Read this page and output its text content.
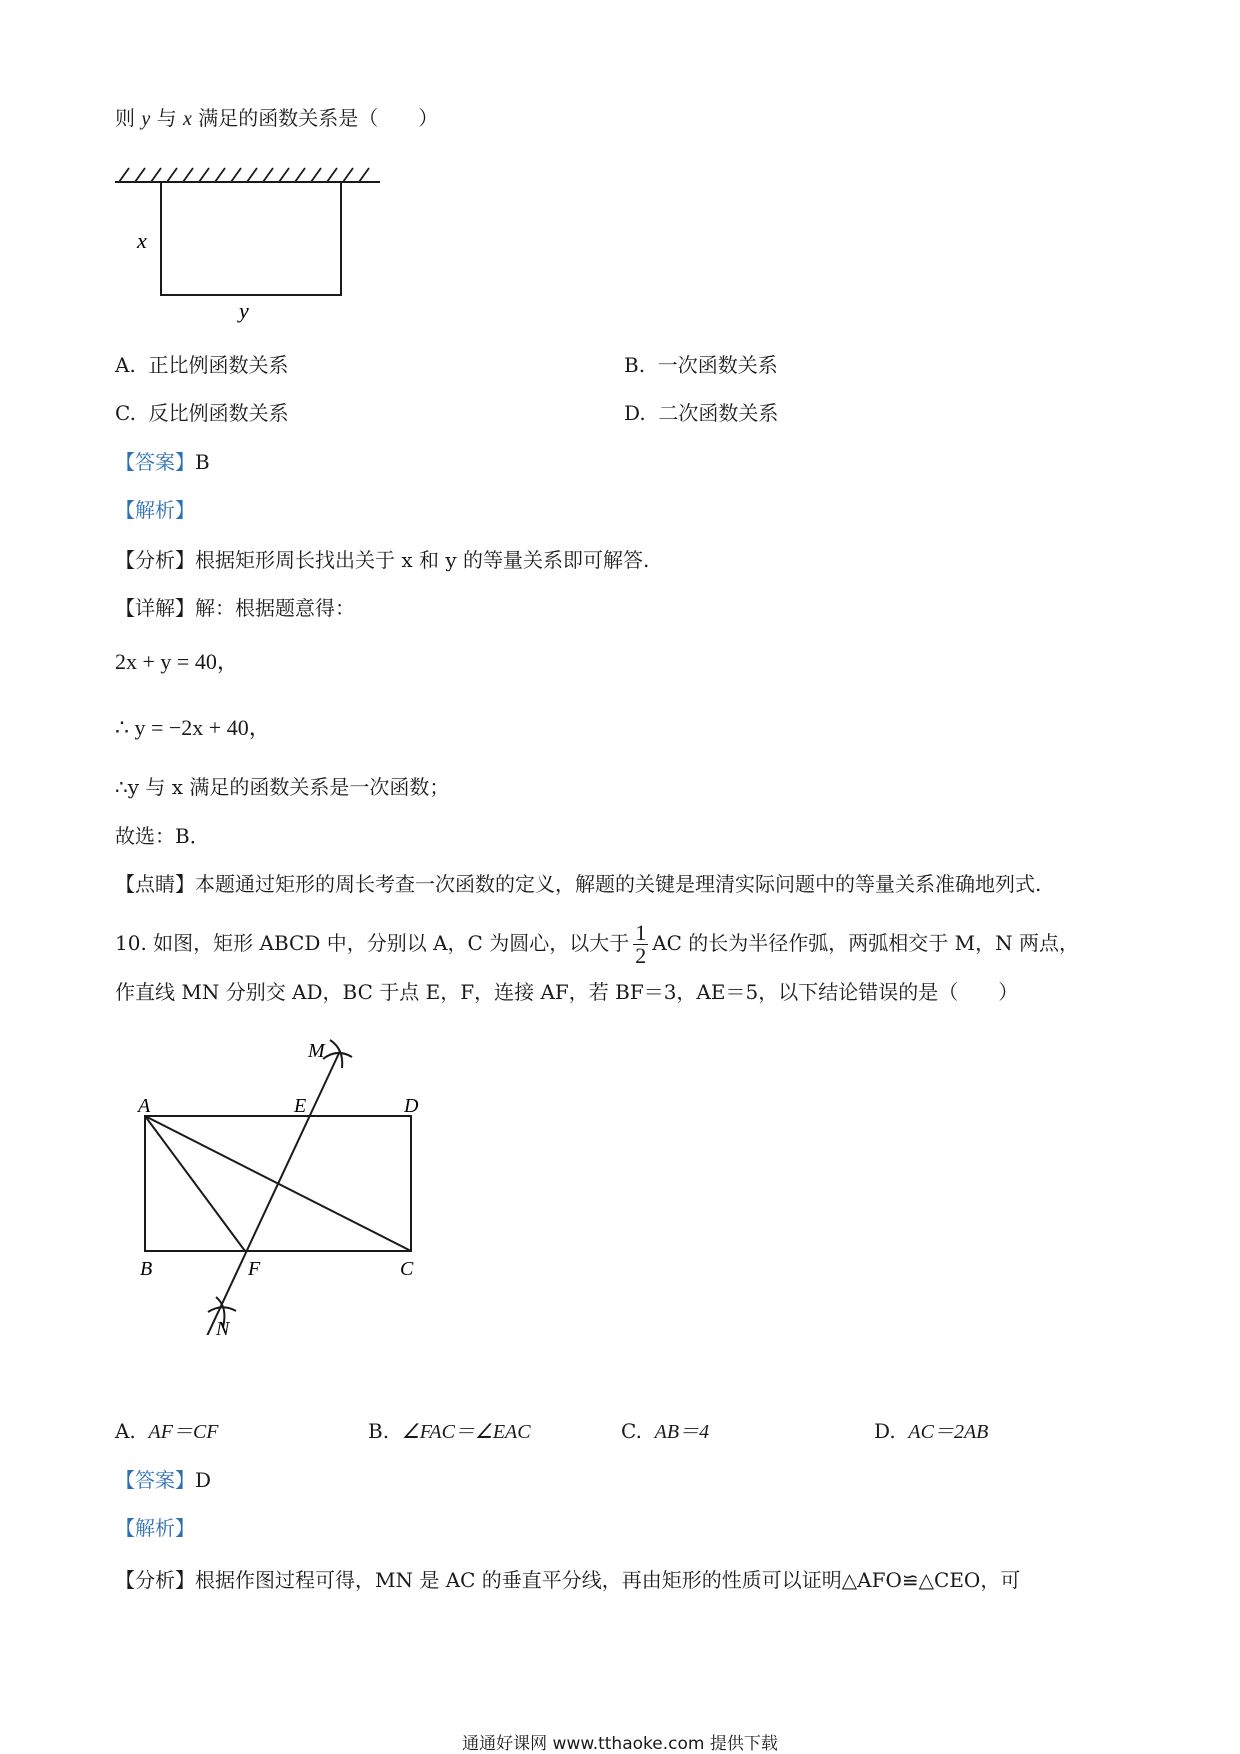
则 y 与 x 满足的函数关系是（　　）
x
y
A. 正比例函数关系	B. 一次函数关系
C. 反比例函数关系	D. 二次函数关系
【答案】B
【解析】
【分析】根据矩形周长找出关于 x 和 y 的等量关系即可解答.
【详解】解：根据题意得：
2x + y = 40，
∴ y = −2x + 40，
∴y 与 x 满足的函数关系是一次函数；
故选：B．
【点睛】本题通过矩形的周长考查一次函数的定义，解题的关键是理清实际问题中的等量关系准确地列式.
10. 如图，矩形 ABCD 中，分别以 A，C 为圆心，以大于 $\frac{1}{2}$ AC 的长为半径作弧，两弧相交于 M，N 两点，
作直线 MN 分别交 AD，BC 于点 E，F，连接 AF，若 BF＝3，AE＝5，以下结论错误的是（　　）
M
N
A	E	D
B	F	C
A. AF＝CF	B. ∠FAC＝∠EAC	C. AB＝4	D. AC＝2AB
【答案】D
【解析】
【分析】根据作图过程可得，MN 是 AC 的垂直平分线，再由矩形的性质可以证明△AFO≌△CEO，可
通通好课网 www.tthaoke.com 提供下载
